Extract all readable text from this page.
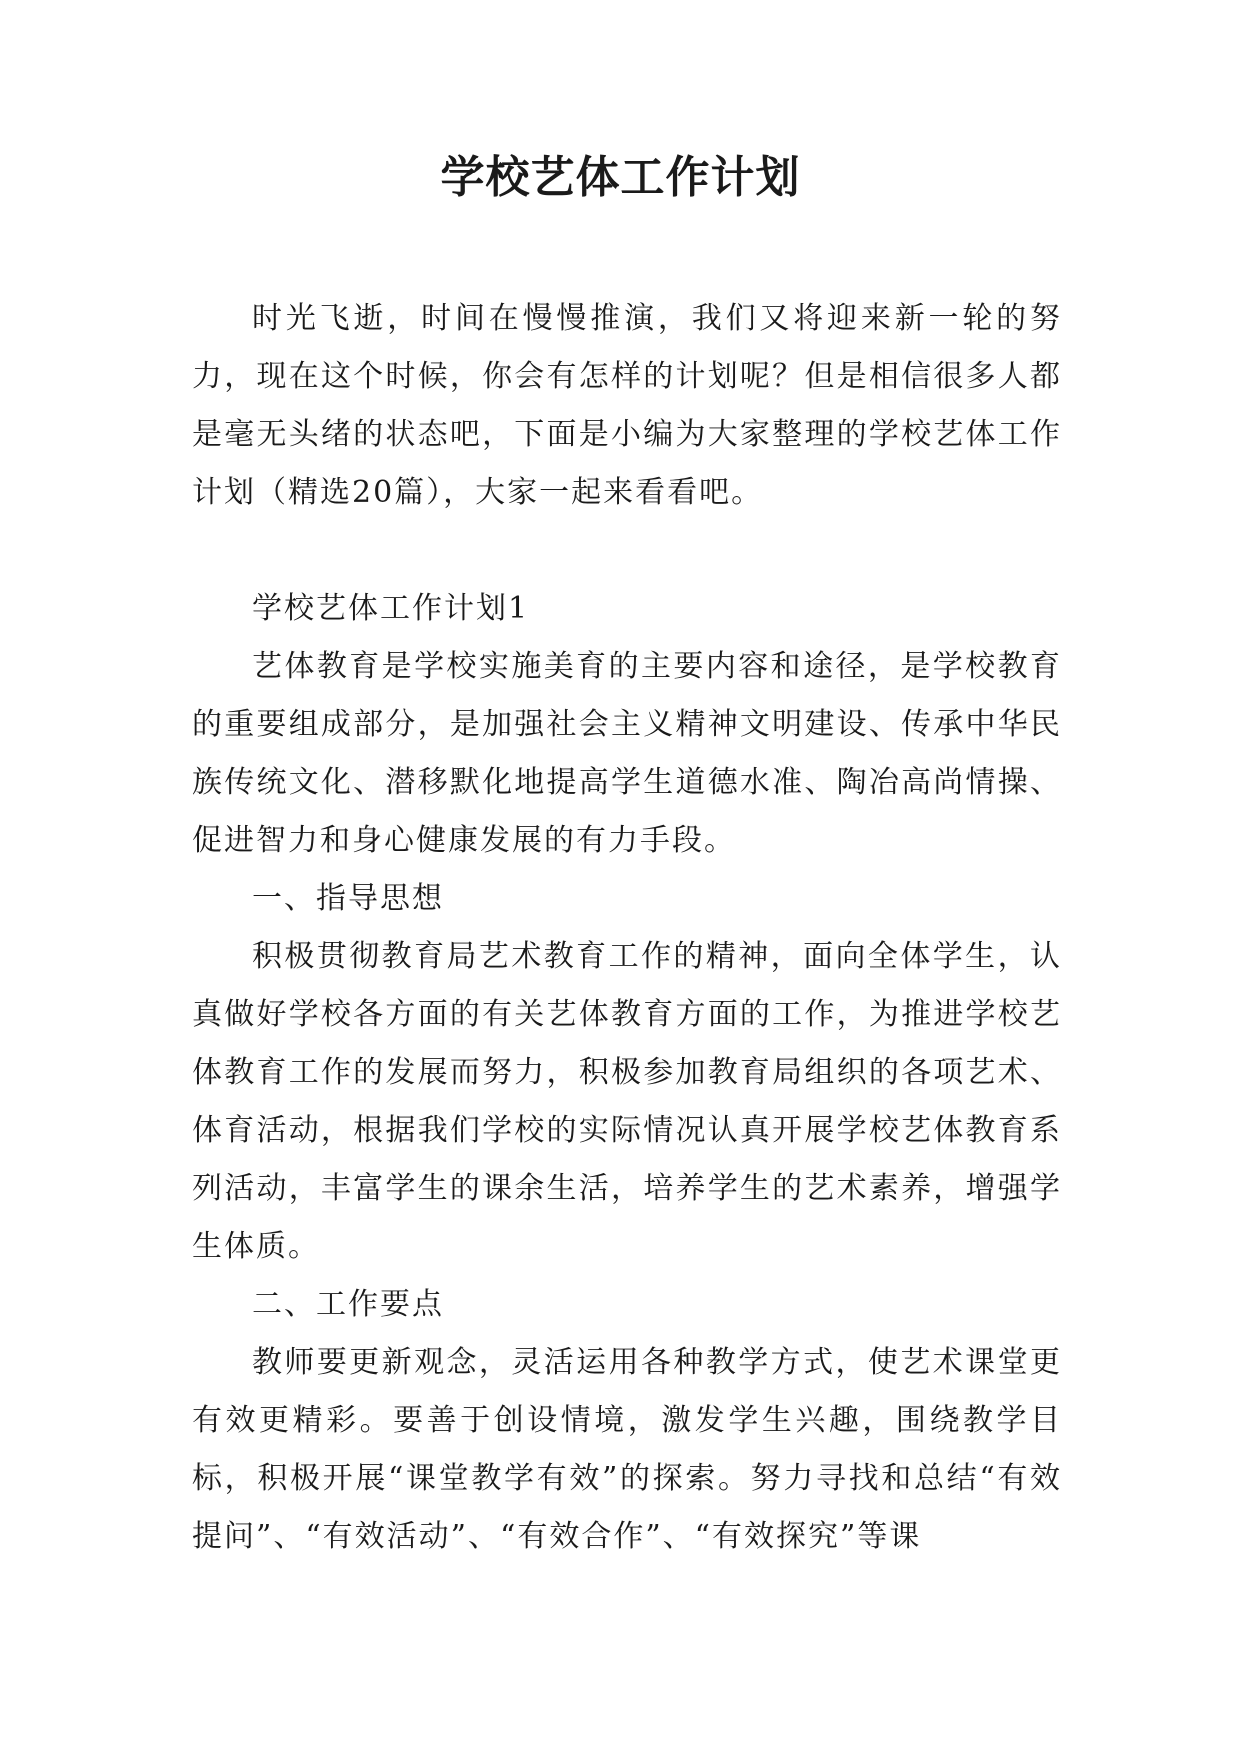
学校艺体工作计划

时光飞逝，时间在慢慢推演，我们又将迎来新一轮的努力，现在这个时候，你会有怎样的计划呢？但是相信很多人都是毫无头绪的状态吧，下面是小编为大家整理的学校艺体工作计划（精选20篇），大家一起来看看吧。

学校艺体工作计划1

艺体教育是学校实施美育的主要内容和途径，是学校教育的重要组成部分，是加强社会主义精神文明建设、传承中华民族传统文化、潜移默化地提高学生道德水准、陶冶高尚情操、促进智力和身心健康发展的有力手段。

一、指导思想

积极贯彻教育局艺术教育工作的精神，面向全体学生，认真做好学校各方面的有关艺体教育方面的工作，为推进学校艺体教育工作的发展而努力，积极参加教育局组织的各项艺术、体育活动，根据我们学校的实际情况认真开展学校艺体教育系列活动，丰富学生的课余生活，培养学生的艺术素养，增强学生体质。

二、工作要点

教师要更新观念，灵活运用各种教学方式，使艺术课堂更有效更精彩。要善于创设情境，激发学生兴趣，围绕教学目标，积极开展“课堂教学有效”的探索。努力寻找和总结“有效提问”、“有效活动”、“有效合作”、“有效探究”等课
